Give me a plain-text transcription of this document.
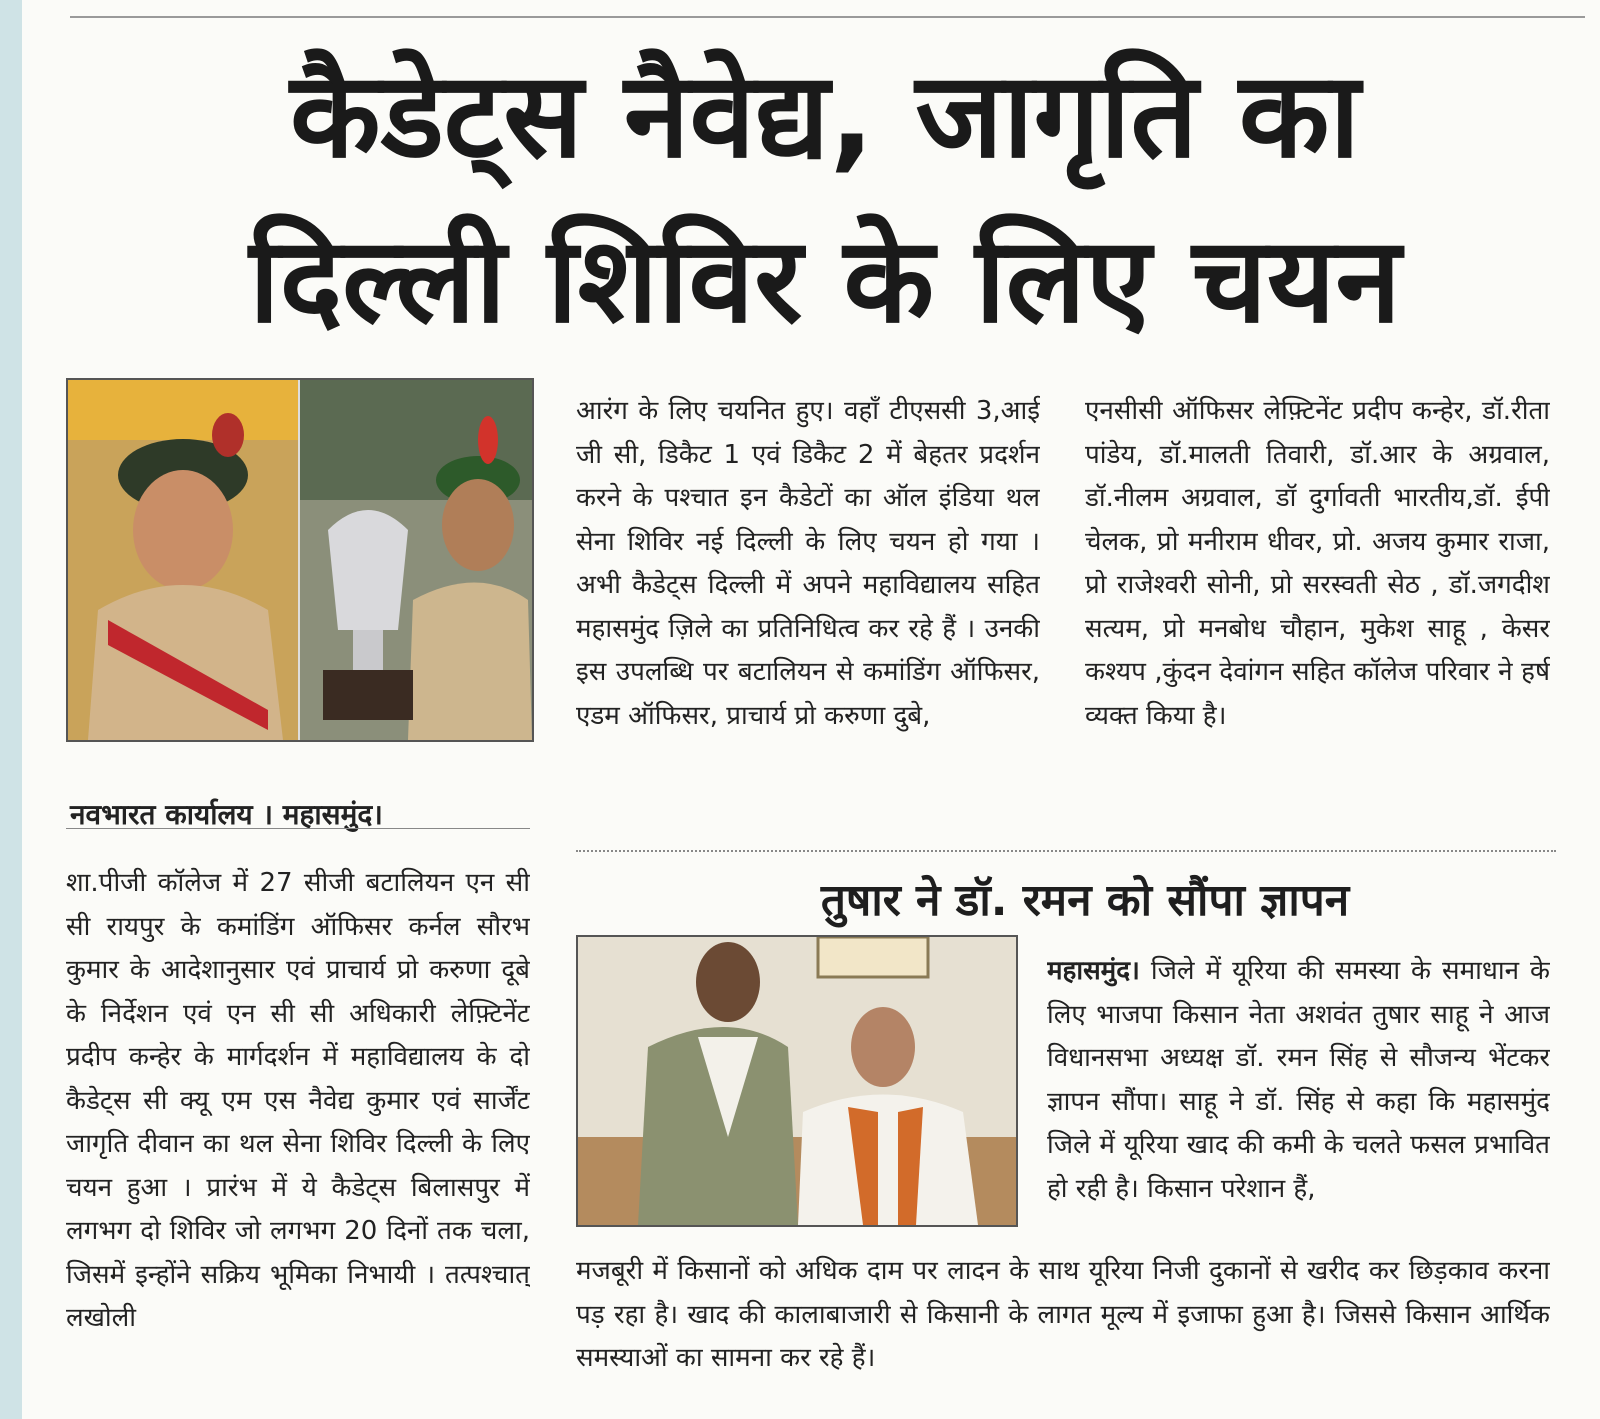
कैडेट्स नैवेद्य, जागृति का
दिल्ली शिविर के लिए चयन
नवभारत कार्यालय । महासमुंद।
शा.पीजी कॉलेज में 27 सीजी बटालियन एन सी सी रायपुर के कमांडिंग ऑफिसर कर्नल सौरभ कुमार के आदेशानुसार एवं प्राचार्य प्रो करुणा दूबे के निर्देशन एवं एन सी सी अधिकारी लेफ़्टिनेंट प्रदीप कन्हेर के मार्गदर्शन में महाविद्यालय के दो कैडेट्स सी क्यू एम एस नैवेद्य कुमार एवं सार्जेंट जागृति दीवान का थल सेना शिविर दिल्ली के लिए चयन हुआ । प्रारंभ में ये कैडेट्स बिलासपुर में लगभग दो शिविर जो लगभग 20 दिनों तक चला, जिसमें इन्होंने सक्रिय भूमिका निभायी । तत्पश्चात् लखोली
आरंग के लिए चयनित हुए। वहाँ टीएससी 3,आई जी सी, डिकैट 1 एवं डिकैट 2 में बेहतर प्रदर्शन करने के पश्चात इन कैडेटों का ऑल इंडिया थल सेना शिविर नई दिल्ली के लिए चयन हो गया । अभी कैडेट्स दिल्ली में अपने महाविद्यालय सहित महासमुंद ज़िले का प्रतिनिधित्व कर रहे हैं । उनकी इस उपलब्धि पर बटालियन से कमांडिंग ऑफिसर, एडम ऑफिसर, प्राचार्य प्रो करुणा दुबे,
एनसीसी ऑफिसर लेफ़्टिनेंट प्रदीप कन्हेर, डॉ.रीता पांडेय, डॉ.मालती तिवारी, डॉ.आर के अग्रवाल, डॉ.नीलम अग्रवाल, डॉ दुर्गावती भारतीय,डॉ. ईपी चेलक, प्रो मनीराम धीवर, प्रो. अजय कुमार राजा, प्रो राजेश्वरी सोनी, प्रो सरस्वती सेठ , डॉ.जगदीश सत्यम, प्रो मनबोध चौहान, मुकेश साहू , केसर कश्यप ,कुंदन देवांगन सहित कॉलेज परिवार ने हर्ष व्यक्त किया है।
तुषार ने डॉ. रमन को सौंपा ज्ञापन
महासमुंद। जिले में यूरिया की समस्या के समाधान के लिए भाजपा किसान नेता अशवंत तुषार साहू ने आज विधानसभा अध्यक्ष डॉ. रमन सिंह से सौजन्य भेंटकर ज्ञापन सौंपा। साहू ने डॉ. सिंह से कहा कि महासमुंद जिले में यूरिया खाद की कमी के चलते फसल प्रभावित हो रही है। किसान परेशान हैं,
मजबूरी में किसानों को अधिक दाम पर लादन के साथ यूरिया निजी दुकानों से खरीद कर छिड़काव करना पड़ रहा है। खाद की कालाबाजारी से किसानी के लागत मूल्य में इजाफा हुआ है। जिससे किसान आर्थिक समस्याओं का सामना कर रहे हैं।
